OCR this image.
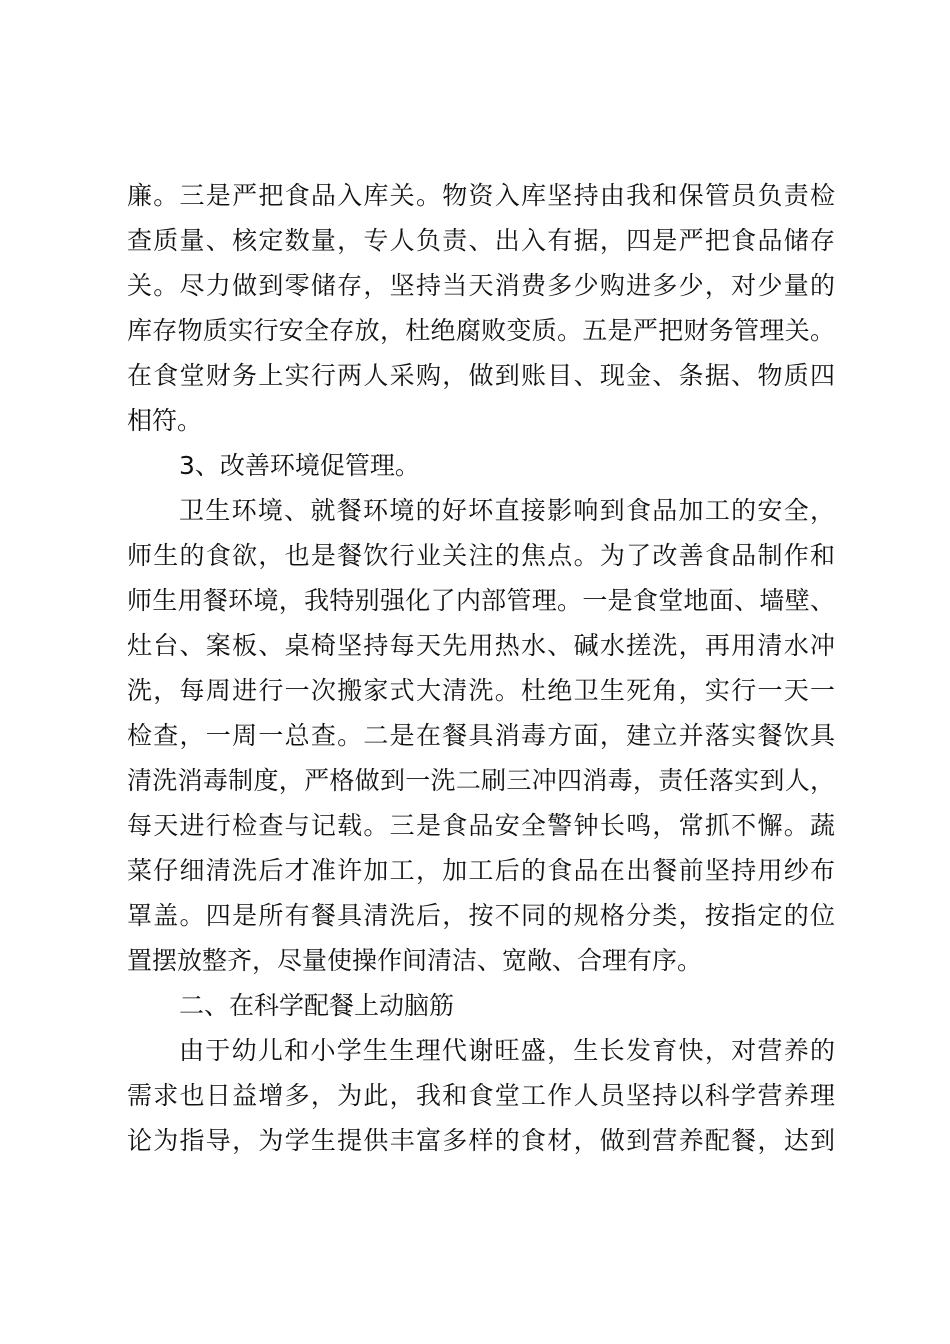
廉。三是严把食品入库关。物资入库坚持由我和保管员负责检
查质量、核定数量，专人负责、出入有据，四是严把食品储存
关。尽力做到零储存，坚持当天消费多少购进多少，对少量的
库存物质实行安全存放，杜绝腐败变质。五是严把财务管理关。
在食堂财务上实行两人采购，做到账目、现金、条据、物质四
相符。
3、改善环境促管理。
卫生环境、就餐环境的好坏直接影响到食品加工的安全，
师生的食欲，也是餐饮行业关注的焦点。为了改善食品制作和
师生用餐环境，我特别强化了内部管理。一是食堂地面、墙壁、
灶台、案板、桌椅坚持每天先用热水、碱水搓洗，再用清水冲
洗，每周进行一次搬家式大清洗。杜绝卫生死角，实行一天一
检查，一周一总查。二是在餐具消毒方面，建立并落实餐饮具
清洗消毒制度，严格做到一洗二刷三冲四消毒，责任落实到人，
每天进行检查与记载。三是食品安全警钟长鸣，常抓不懈。蔬
菜仔细清洗后才准许加工，加工后的食品在出餐前坚持用纱布
罩盖。四是所有餐具清洗后，按不同的规格分类，按指定的位
置摆放整齐，尽量使操作间清洁、宽敞、合理有序。
二、在科学配餐上动脑筋
由于幼儿和小学生生理代谢旺盛，生长发育快，对营养的
需求也日益增多，为此，我和食堂工作人员坚持以科学营养理
论为指导，为学生提供丰富多样的食材，做到营养配餐，达到
